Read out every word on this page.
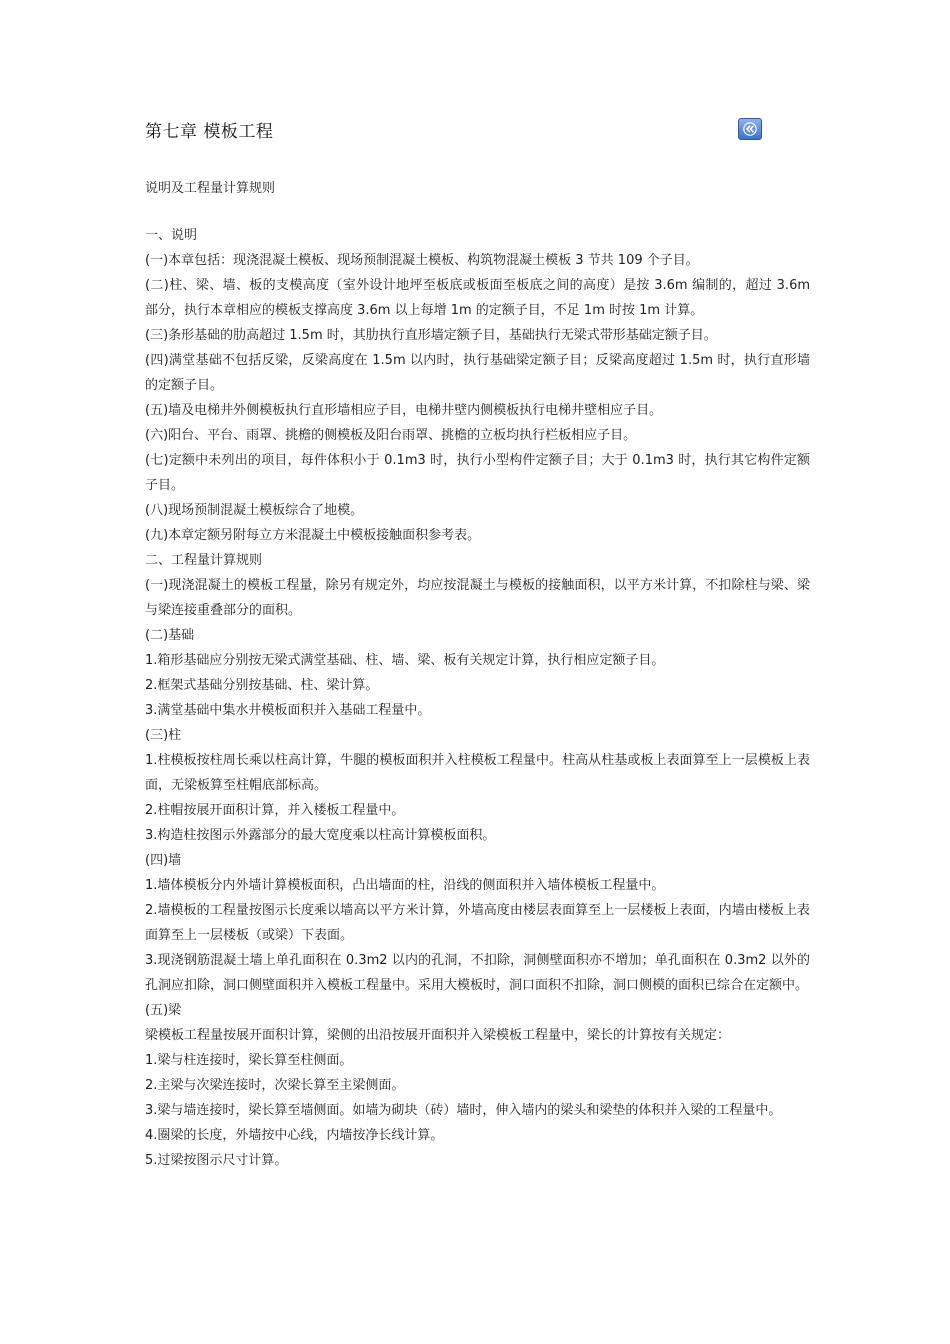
第七章 模板工程

说明及工程量计算规则

一、说明

(一)本章包括：现浇混凝土模板、现场预制混凝土模板、构筑物混凝土模板 3 节共 109 个子目。

(二)柱、梁、墙、板的支模高度（室外设计地坪至板底或板面至板底之间的高度）是按 3.6m 编制的，超过 3.6m 部分，执行本章相应的模板支撑高度 3.6m 以上每增 1m 的定额子目，不足 1m 时按 1m 计算。

(三)条形基础的肋高超过 1.5m 时，其肋执行直形墙定额子目，基础执行无梁式带形基础定额子目。

(四)满堂基础不包括反梁，反梁高度在 1.5m 以内时，执行基础梁定额子目；反梁高度超过 1.5m 时，执行直形墙的定额子目。

(五)墙及电梯井外侧模板执行直形墙相应子目，电梯井壁内侧模板执行电梯井壁相应子目。

(六)阳台、平台、雨罩、挑檐的侧模板及阳台雨罩、挑檐的立板均执行栏板相应子目。

(七)定额中未列出的项目，每件体积小于 0.1m3 时，执行小型构件定额子目；大于 0.1m3 时，执行其它构件定额子目。

(八)现场预制混凝土模板综合了地模。

(九)本章定额另附每立方米混凝土中模板接触面积参考表。

二、工程量计算规则

(一)现浇混凝土的模板工程量，除另有规定外，均应按混凝土与模板的接触面积，以平方米计算，不扣除柱与梁、梁与梁连接重叠部分的面积。

(二)基础

1.箱形基础应分别按无梁式满堂基础、柱、墙、梁、板有关规定计算，执行相应定额子目。

2.框架式基础分别按基础、柱、梁计算。

3.满堂基础中集水井模板面积并入基础工程量中。

(三)柱

1.柱模板按柱周长乘以柱高计算，牛腿的模板面积并入柱模板工程量中。柱高从柱基或板上表面算至上一层模板上表面，无梁板算至柱帽底部标高。

2.柱帽按展开面积计算，并入楼板工程量中。

3.构造柱按图示外露部分的最大宽度乘以柱高计算模板面积。

(四)墙

1.墙体模板分内外墙计算模板面积，凸出墙面的柱，沿线的侧面积并入墙体模板工程量中。

2.墙模板的工程量按图示长度乘以墙高以平方米计算，外墙高度由楼层表面算至上一层楼板上表面，内墙由楼板上表面算至上一层楼板（或梁）下表面。

3.现浇钢筋混凝土墙上单孔面积在 0.3m2 以内的孔洞，不扣除，洞侧壁面积亦不增加；单孔面积在 0.3m2 以外的孔洞应扣除，洞口侧壁面积并入模板工程量中。采用大模板时，洞口面积不扣除，洞口侧模的面积已综合在定额中。

(五)梁

梁模板工程量按展开面积计算，梁侧的出沿按展开面积并入梁模板工程量中，梁长的计算按有关规定：

1.梁与柱连接时，梁长算至柱侧面。

2.主梁与次梁连接时，次梁长算至主梁侧面。

3.梁与墙连接时，梁长算至墙侧面。如墙为砌块（砖）墙时，伸入墙内的梁头和梁垫的体积并入梁的工程量中。

4.圈梁的长度，外墙按中心线，内墙按净长线计算。

5.过梁按图示尺寸计算。
